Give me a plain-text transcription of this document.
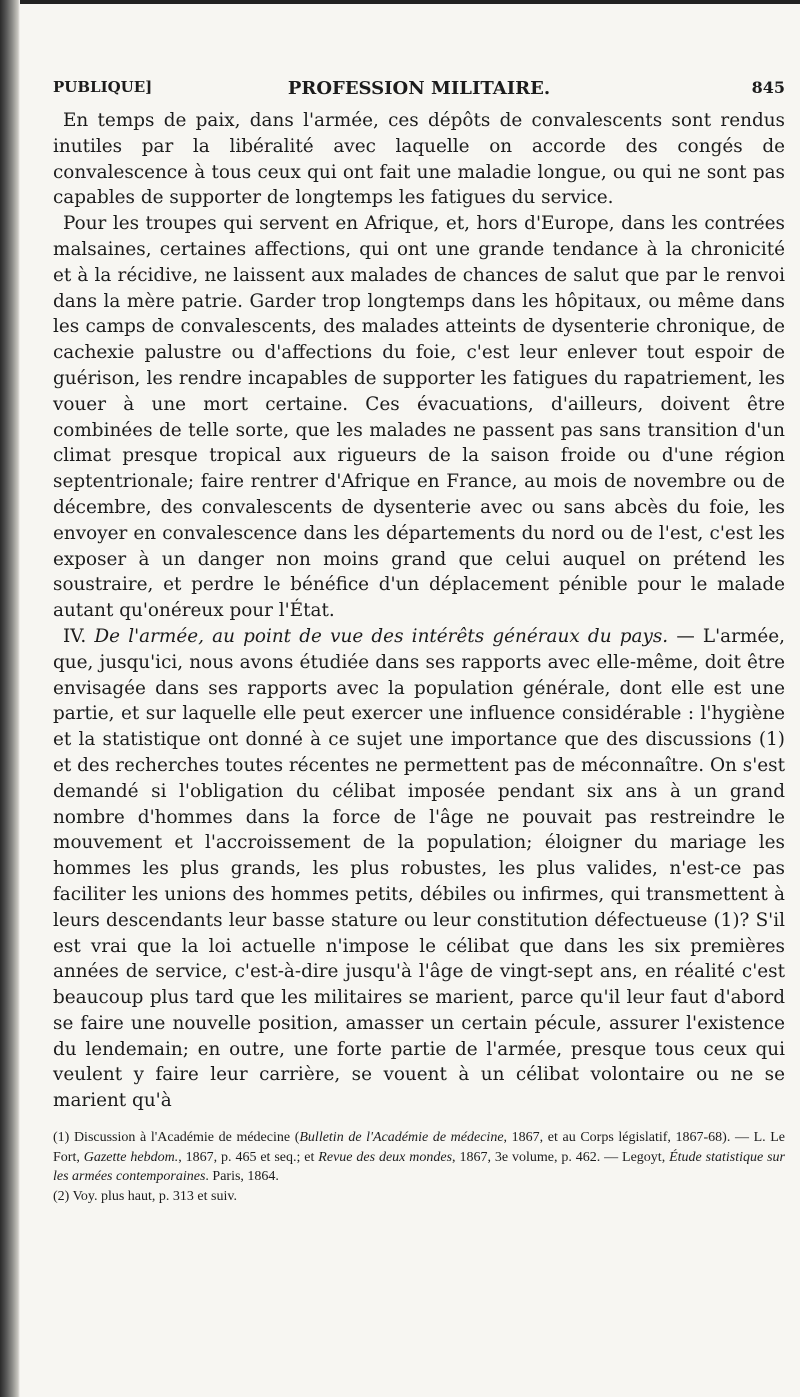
PUBLIQUE]	PROFESSION MILITAIRE.	845

En temps de paix, dans l'armée, ces dépôts de convalescents sont rendus inutiles par la libéralité avec laquelle on accorde des congés de convalescence à tous ceux qui ont fait une maladie longue, ou qui ne sont pas capables de supporter de longtemps les fatigues du service.

Pour les troupes qui servent en Afrique, et, hors d'Europe, dans les contrées malsaines, certaines affections, qui ont une grande tendance à la chronicité et à la récidive, ne laissent aux malades de chances de salut que par le renvoi dans la mère patrie. Garder trop longtemps dans les hôpitaux, ou même dans les camps de convalescents, des malades atteints de dysenterie chronique, de cachexie palustre ou d'affections du foie, c'est leur enlever tout espoir de guérison, les rendre incapables de supporter les fatigues du rapatriement, les vouer à une mort certaine. Ces évacuations, d'ailleurs, doivent être combinées de telle sorte, que les malades ne passent pas sans transition d'un climat presque tropical aux rigueurs de la saison froide ou d'une région septentrionale; faire rentrer d'Afrique en France, au mois de novembre ou de décembre, des convalescents de dysenterie avec ou sans abcès du foie, les envoyer en convalescence dans les départements du nord ou de l'est, c'est les exposer à un danger non moins grand que celui auquel on prétend les soustraire, et perdre le bénéfice d'un déplacement pénible pour le malade autant qu'onéreux pour l'État.

IV. De l'armée, au point de vue des intérêts généraux du pays. — L'armée, que, jusqu'ici, nous avons étudiée dans ses rapports avec elle-même, doit être envisagée dans ses rapports avec la population générale, dont elle est une partie, et sur laquelle elle peut exercer une influence considérable : l'hygiène et la statistique ont donné à ce sujet une importance que des discussions (1) et des recherches toutes récentes ne permettent pas de méconnaître. On s'est demandé si l'obligation du célibat imposée pendant six ans à un grand nombre d'hommes dans la force de l'âge ne pouvait pas restreindre le mouvement et l'accroissement de la population; éloigner du mariage les hommes les plus grands, les plus robustes, les plus valides, n'est-ce pas faciliter les unions des hommes petits, débiles ou infirmes, qui transmettent à leurs descendants leur basse stature ou leur constitution défectueuse (1)? S'il est vrai que la loi actuelle n'impose le célibat que dans les six premières années de service, c'est-à-dire jusqu'à l'âge de vingt-sept ans, en réalité c'est beaucoup plus tard que les militaires se marient, parce qu'il leur faut d'abord se faire une nouvelle position, amasser un certain pécule, assurer l'existence du lendemain; en outre, une forte partie de l'armée, presque tous ceux qui veulent y faire leur carrière, se vouent à un célibat volontaire ou ne se marient qu'à

(1) Discussion à l'Académie de médecine (Bulletin de l'Académie de médecine, 1867, et au Corps législatif, 1867-68). — L. Le Fort, Gazette hebdom., 1867, p. 465 et seq.; et Revue des deux mondes, 1867, 3e volume, p. 462. — Legoyt, Étude statistique sur les armées contemporaines. Paris, 1864.

(2) Voy. plus haut, p. 313 et suiv.
